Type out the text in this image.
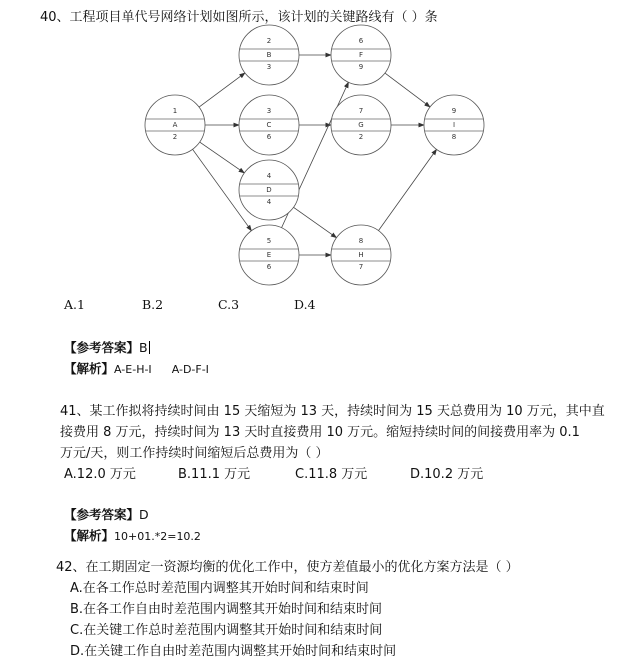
40、工程项目单代号网络计划如图所示，该计划的关键路线有（ ）条
1
A
2
2
B
3
3
C
6
4
D
4
5
E
6
6
F
9
7
G
2
8
H
7
9
I
8
A.1	B.2	C.3	D.4
【参考答案】B
【解析】A-E-H-I A-D-F-I
41、某工作拟将持续时间由 15 天缩短为 13 天，持续时间为 15 天总费用为 10 万元，其中直
接费用 8 万元，持续时间为 13 天时直接费用 10 万元。缩短持续时间的间接费用率为 0.1
万元/天，则工作持续时间缩短后总费用为（ ）
A.12.0 万元	B.11.1 万元	C.11.8 万元	D.10.2 万元
【参考答案】D
【解析】10+01.*2=10.2
42、在工期固定一资源均衡的优化工作中，使方差值最小的优化方案方法是（ ）
A.在各工作总时差范围内调整其开始时间和结束时间
B.在各工作自由时差范围内调整其开始时间和结束时间
C.在关键工作总时差范围内调整其开始时间和结束时间
D.在关键工作自由时差范围内调整其开始时间和结束时间
